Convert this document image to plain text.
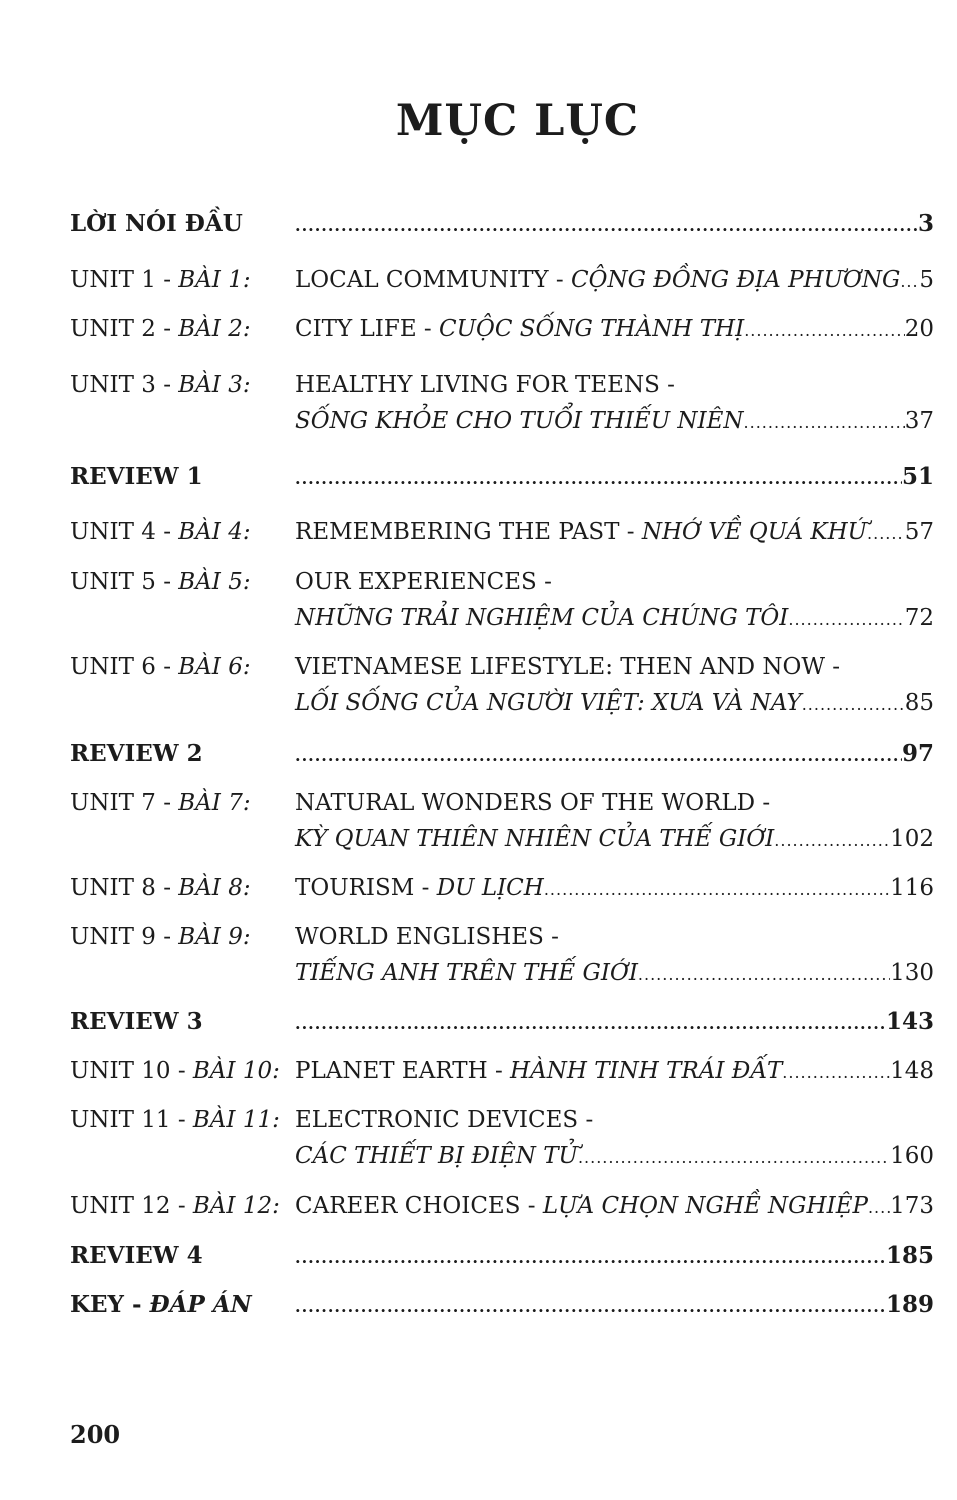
MỤC LỤC
LỜI NÓI ĐẦU .....	3
UNIT 1 - BÀI 1: LOCAL COMMUNITY - CỘNG ĐỒNG ĐỊA PHƯƠNG ..... 5
UNIT 2 - BÀI 2: CITY LIFE - CUỘC SỐNG THÀNH THỊ .....	20
UNIT 3 - BÀI 3: HEALTHY LIVING FOR TEENS -
SỐNG KHỎE CHO TUỔI THIẾU NIÊN .....	37
REVIEW 1 .....	51
UNIT 4 - BÀI 4: REMEMBERING THE PAST - NHỚ VỀ QUÁ KHỨ ..... 57
UNIT 5 - BÀI 5: OUR EXPERIENCES -
NHỮNG TRẢI NGHIỆM CỦA CHÚNG TÔI .....	72
UNIT 6 - BÀI 6: VIETNAMESE LIFESTYLE: THEN AND NOW -
LỐI SỐNG CỦA NGƯỜI VIỆT: XƯA VÀ NAY .....	85
REVIEW 2 .....	97
UNIT 7 - BÀI 7: NATURAL WONDERS OF THE WORLD -
KỲ QUAN THIÊN NHIÊN CỦA THẾ GIỚI .....	102
UNIT 8 - BÀI 8: TOURISM - DU LỊCH .....	116
UNIT 9 - BÀI 9: WORLD ENGLISHES -
TIẾNG ANH TRÊN THẾ GIỚI .....	130
REVIEW 3 .....	143
UNIT 10 - BÀI 10: PLANET EARTH - HÀNH TINH TRÁI ĐẤT .....	148
UNIT 11 - BÀI 11: ELECTRONIC DEVICES -
CÁC THIẾT BỊ ĐIỆN TỬ .....	160
UNIT 12 - BÀI 12: CAREER CHOICES - LỰA CHỌN NGHỀ NGHIỆP ..... 173
REVIEW 4 .....	185
KEY - ĐÁP ÁN .....	189
200
